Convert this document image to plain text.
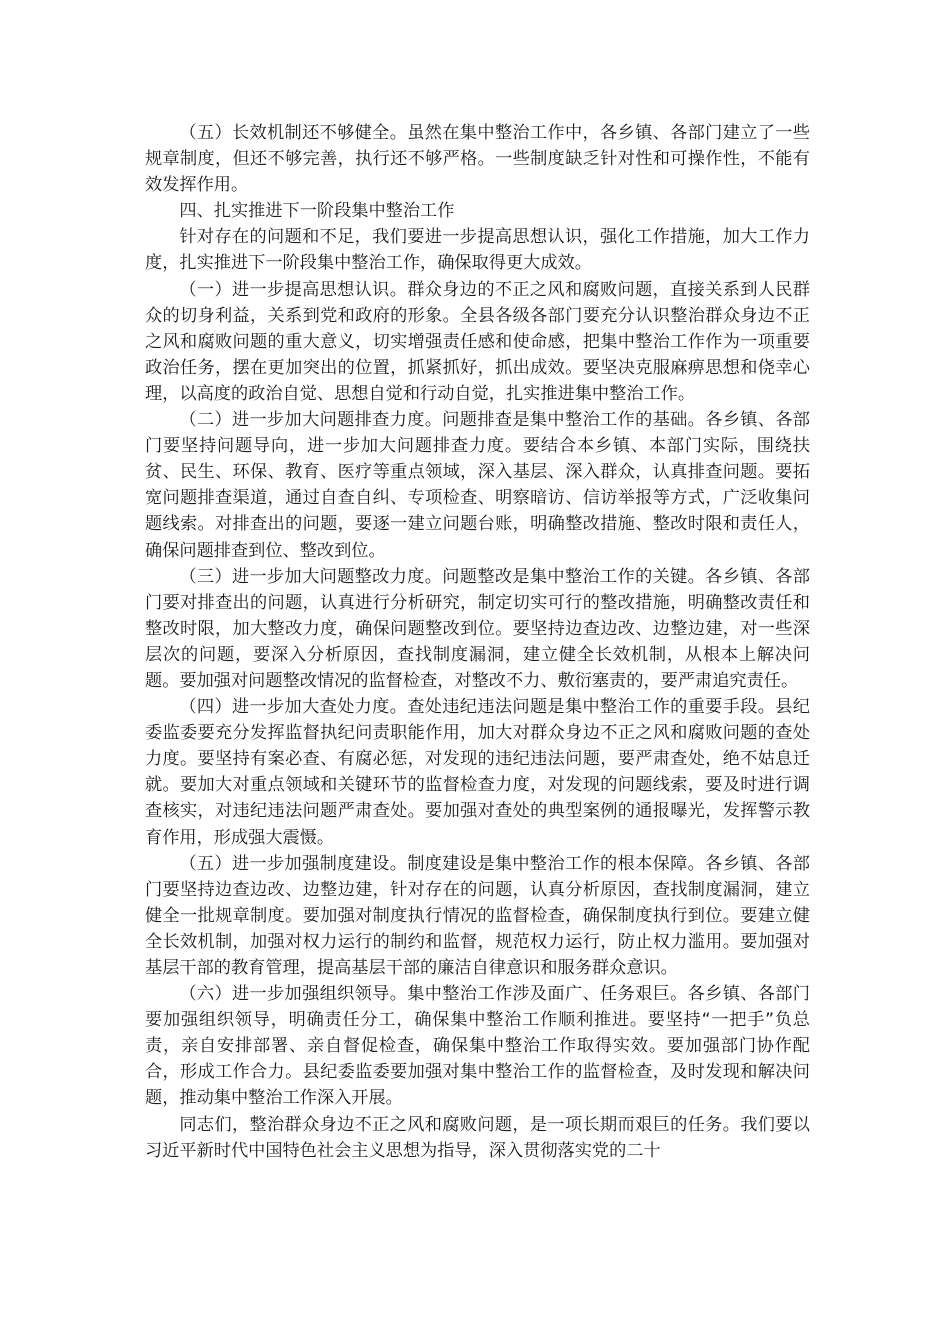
（五）长效机制还不够健全。虽然在集中整治工作中，各乡镇、各部门建立了一些规章制度，但还不够完善，执行还不够严格。一些制度缺乏针对性和可操作性，不能有效发挥作用。

四、扎实推进下一阶段集中整治工作

针对存在的问题和不足，我们要进一步提高思想认识，强化工作措施，加大工作力度，扎实推进下一阶段集中整治工作，确保取得更大成效。

（一）进一步提高思想认识。群众身边的不正之风和腐败问题，直接关系到人民群众的切身利益，关系到党和政府的形象。全县各级各部门要充分认识整治群众身边不正之风和腐败问题的重大意义，切实增强责任感和使命感，把集中整治工作作为一项重要政治任务，摆在更加突出的位置，抓紧抓好，抓出成效。要坚决克服麻痹思想和侥幸心理，以高度的政治自觉、思想自觉和行动自觉，扎实推进集中整治工作。

（二）进一步加大问题排查力度。问题排查是集中整治工作的基础。各乡镇、各部门要坚持问题导向，进一步加大问题排查力度。要结合本乡镇、本部门实际，围绕扶贫、民生、环保、教育、医疗等重点领域，深入基层、深入群众，认真排查问题。要拓宽问题排查渠道，通过自查自纠、专项检查、明察暗访、信访举报等方式，广泛收集问题线索。对排查出的问题，要逐一建立问题台账，明确整改措施、整改时限和责任人，确保问题排查到位、整改到位。

（三）进一步加大问题整改力度。问题整改是集中整治工作的关键。各乡镇、各部门要对排查出的问题，认真进行分析研究，制定切实可行的整改措施，明确整改责任和整改时限，加大整改力度，确保问题整改到位。要坚持边查边改、边整边建，对一些深层次的问题，要深入分析原因，查找制度漏洞，建立健全长效机制，从根本上解决问题。要加强对问题整改情况的监督检查，对整改不力、敷衍塞责的，要严肃追究责任。

（四）进一步加大查处力度。查处违纪违法问题是集中整治工作的重要手段。县纪委监委要充分发挥监督执纪问责职能作用，加大对群众身边不正之风和腐败问题的查处力度。要坚持有案必查、有腐必惩，对发现的违纪违法问题，要严肃查处，绝不姑息迁就。要加大对重点领域和关键环节的监督检查力度，对发现的问题线索，要及时进行调查核实，对违纪违法问题严肃查处。要加强对查处的典型案例的通报曝光，发挥警示教育作用，形成强大震慑。

（五）进一步加强制度建设。制度建设是集中整治工作的根本保障。各乡镇、各部门要坚持边查边改、边整边建，针对存在的问题，认真分析原因，查找制度漏洞，建立健全一批规章制度。要加强对制度执行情况的监督检查，确保制度执行到位。要建立健全长效机制，加强对权力运行的制约和监督，规范权力运行，防止权力滥用。要加强对基层干部的教育管理，提高基层干部的廉洁自律意识和服务群众意识。

（六）进一步加强组织领导。集中整治工作涉及面广、任务艰巨。各乡镇、各部门要加强组织领导，明确责任分工，确保集中整治工作顺利推进。要坚持“一把手”负总责，亲自安排部署、亲自督促检查，确保集中整治工作取得实效。要加强部门协作配合，形成工作合力。县纪委监委要加强对集中整治工作的监督检查，及时发现和解决问题，推动集中整治工作深入开展。

同志们，整治群众身边不正之风和腐败问题，是一项长期而艰巨的任务。我们要以习近平新时代中国特色社会主义思想为指导，深入贯彻落实党的二十
